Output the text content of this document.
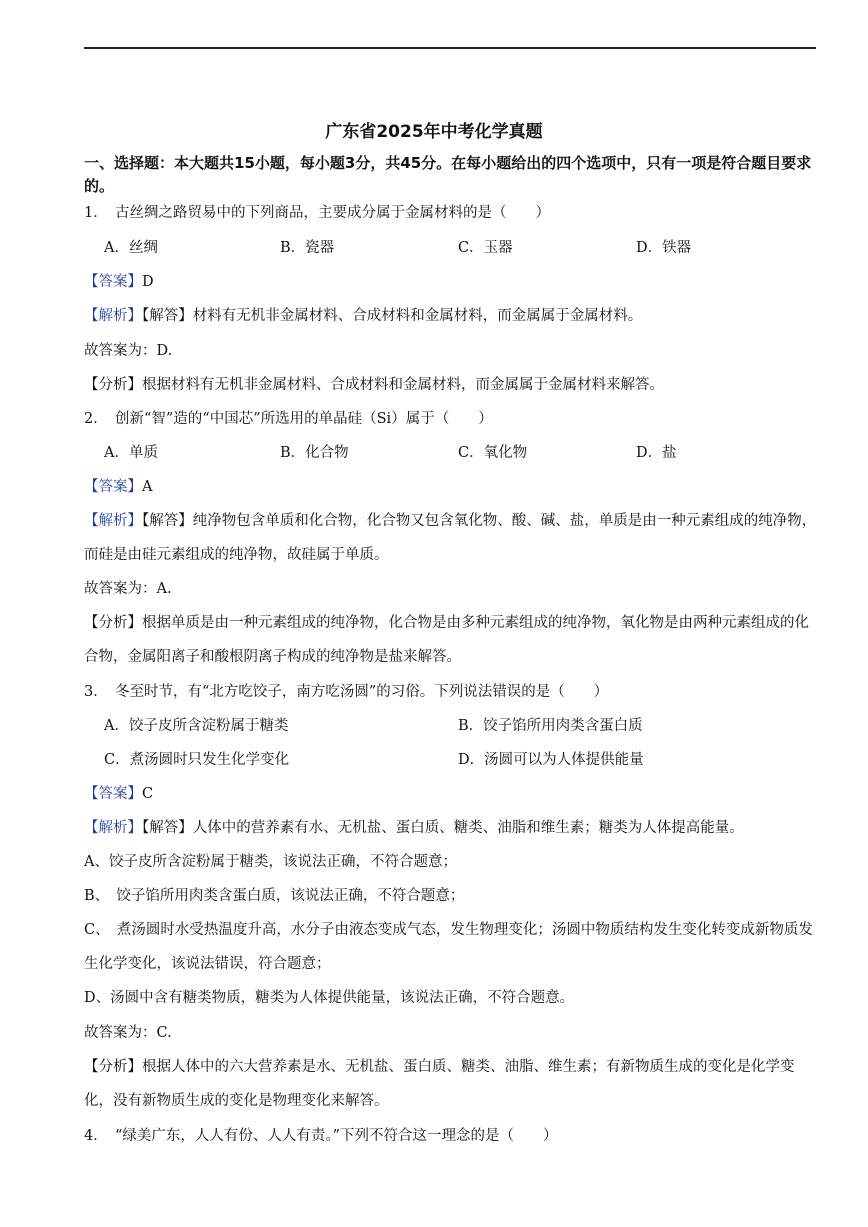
广东省2025年中考化学真题
一、选择题：本大题共15小题，每小题3分，共45分。在每小题给出的四个选项中，只有一项是符合题目要求的。
1．　古丝绸之路贸易中的下列商品，主要成分属于金属材料的是（　　）
A．丝绸	B．瓷器	C．玉器	D．铁器
【答案】D
【解析】【解答】材料有无机非金属材料、合成材料和金属材料，而金属属于金属材料。
故答案为：D.
【分析】根据材料有无机非金属材料、合成材料和金属材料，而金属属于金属材料来解答。
2．　创新“智”造的“中国芯”所选用的单晶硅（Si）属于（　　）
A．单质	B．化合物	C．氧化物	D．盐
【答案】A
【解析】【解答】纯净物包含单质和化合物，化合物又包含氧化物、酸、碱、盐，单质是由一种元素组成的纯净物，而硅是由硅元素组成的纯净物，故硅属于单质。
故答案为：A.
【分析】根据单质是由一种元素组成的纯净物，化合物是由多种元素组成的纯净物，氧化物是由两种元素组成的化合物，金属阳离子和酸根阴离子构成的纯净物是盐来解答。
3．　冬至时节，有“北方吃饺子，南方吃汤圆”的习俗。下列说法错误的是（　　）
A．饺子皮所含淀粉属于糖类	B．饺子馅所用肉类含蛋白质
C．煮汤圆时只发生化学变化	D．汤圆可以为人体提供能量
【答案】C
【解析】【解答】人体中的营养素有水、无机盐、蛋白质、糖类、油脂和维生素；糖类为人体提高能量。
A、饺子皮所含淀粉属于糖类，该说法正确，不符合题意；
B、　饺子馅所用肉类含蛋白质，该说法正确，不符合题意；
C、　煮汤圆时水受热温度升高，水分子由液态变成气态，发生物理变化；汤圆中物质结构发生变化转变成新物质发生化学变化，该说法错误，符合题意；
D、汤圆中含有糖类物质，糖类为人体提供能量，该说法正确，不符合题意。
故答案为：C.
【分析】根据人体中的六大营养素是水、无机盐、蛋白质、糖类、油脂、维生素；有新物质生成的变化是化学变化，没有新物质生成的变化是物理变化来解答。
4．　“绿美广东，人人有份、人人有责。”下列不符合这一理念的是（　　）
